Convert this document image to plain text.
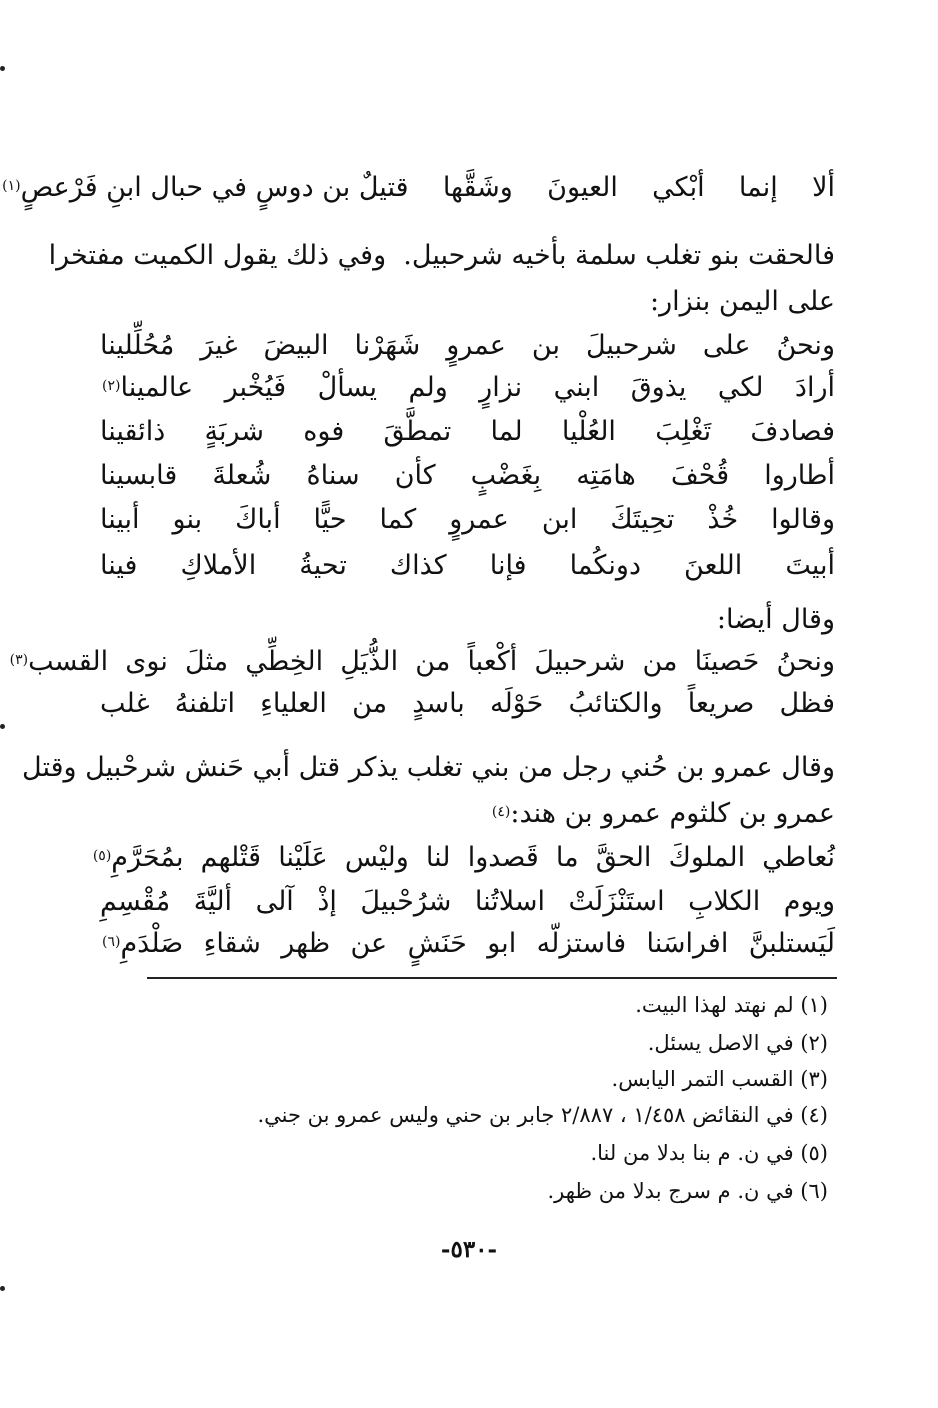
ألا    إنما    أبْكي    العيونَ    وشَقَّها    قتيلٌ بن دوسٍ في حبال ابنِ فَرْعصٍ$^{(١)}$
فالحقت بنو تغلب سلمة بأخيه شرحبيل.  وفي ذلك يقول الكميت مفتخرا
على اليمن بنزار:
ونحنُ  على  شرحبيلَ  بن  عمروٍ  شَهَرْنا  البيضَ  غيرَ  مُحُلِّلينا
أرادَ  لكي  يذوقَ  ابني  نزارٍ  ولم  يسألْ  فَيُخْبر  عالمينا$^{(٢)}$
فصادفَ  تَغْلِبَ  العُلْيا  لما  تمطَّقَ  فوه  شربَةٍ  ذائقينا
أطاروا  قُحْفَ  هامَتِه  بِغَضْبٍ  كأن  سناهُ  شُعلةَ  قابسينا
وقالوا  خُذْ  تحِيتَكَ  ابن  عمروٍ  كما  حيًّا  أباكَ  بنو  أبينا
أبيتَ  اللعنَ  دونكُما  فإنا  كذاك  تحيةُ  الأملاكِ  فينا
وقال أيضا:
ونحنُ  حَصينَا  من  شرحبيلَ  أكْعباً  من  الذُّيَلِ  الخِطِّي  مثلَ  نوى  القسب$^{(٣)}$
فظل  صريعاً  والكتائبُ  حَوْلَه  باسدٍ  من  العلياءِ  اتلفنهُ  غلب
وقال عمرو بن حُني رجل من بني تغلب يذكر قتل أبي حَنش شرحْبيل وقتل
عمرو بن كلثوم عمرو بن هند:$^{(٤)}$
نُعاطي  الملوكَ  الحقَّ  ما  قَصدوا  لنا  وليْس  عَلَيْنا  قَتْلهم  بمُحَرَّمِ$^{(٥)}$
ويوم  الكلابِ  استَنْزَلَتْ  اسلاتُنا  شرُحْبيلَ  إذْ  آلى  أليَّةَ  مُقْسِمِ
لَيَستلبنَّ  افراسَنا  فاستزلّه  ابو  حَنَشٍ  عن  ظهر  شقاءِ  صَلْدَمِ$^{(٦)}$
(١) لم نهتد لهذا البيت.
(٢) في الاصل يسئل.
(٣) القسب التمر اليابس.
(٤) في النقائض ١/٤٥٨ ، ٢/٨٨٧ جابر بن حني وليس عمرو بن جني.
(٥) في ن. م بنا بدلا من لنا.
(٦) في ن. م سرج بدلا من ظهر.
-٥٣٠-
